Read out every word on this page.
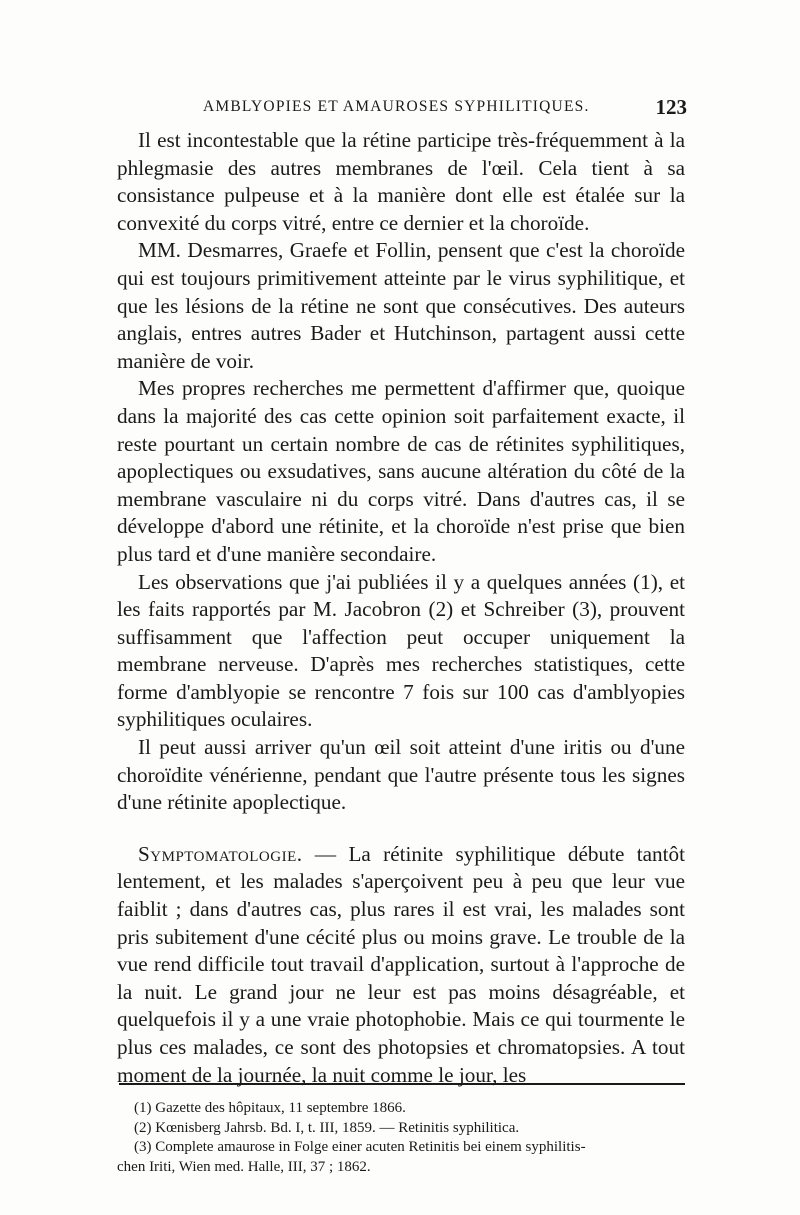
AMBLYOPIES ET AMAUROSES SYPHILITIQUES.	123

Il est incontestable que la rétine participe très-fréquemment à la phlegmasie des autres membranes de l'œil. Cela tient à sa consistance pulpeuse et à la manière dont elle est étalée sur la convexité du corps vitré, entre ce dernier et la choroïde.

MM. Desmarres, Graefe et Follin, pensent que c'est la choroïde qui est toujours primitivement atteinte par le virus syphilitique, et que les lésions de la rétine ne sont que consécutives. Des auteurs anglais, entres autres Bader et Hutchinson, partagent aussi cette manière de voir.

Mes propres recherches me permettent d'affirmer que, quoique dans la majorité des cas cette opinion soit parfaitement exacte, il reste pourtant un certain nombre de cas de rétinites syphilitiques, apoplectiques ou exsudatives, sans aucune altération du côté de la membrane vasculaire ni du corps vitré. Dans d'autres cas, il se développe d'abord une rétinite, et la choroïde n'est prise que bien plus tard et d'une manière secondaire.

Les observations que j'ai publiées il y a quelques années (1), et les faits rapportés par M. Jacobron (2) et Schreiber (3), prouvent suffisamment que l'affection peut occuper uniquement la membrane nerveuse. D'après mes recherches statistiques, cette forme d'amblyopie se rencontre 7 fois sur 100 cas d'amblyopies syphilitiques oculaires.

Il peut aussi arriver qu'un œil soit atteint d'une iritis ou d'une choroïdite vénérienne, pendant que l'autre présente tous les signes d'une rétinite apoplectique.

Symptomatologie. — La rétinite syphilitique débute tantôt lentement, et les malades s'aperçoivent peu à peu que leur vue faiblit ; dans d'autres cas, plus rares il est vrai, les malades sont pris subitement d'une cécité plus ou moins grave. Le trouble de la vue rend difficile tout travail d'application, surtout à l'approche de la nuit. Le grand jour ne leur est pas moins désagréable, et quelquefois il y a une vraie photophobie. Mais ce qui tourmente le plus ces malades, ce sont des photopsies et chromatopsies. A tout moment de la journée, la nuit comme le jour, les

(1) Gazette des hôpitaux, 11 septembre 1866.
(2) Kœnisberg Jahrsb. Bd. I, t. III, 1859. — Retinitis syphilitica.
(3) Complete amaurose in Folge einer acuten Retinitis bei einem syphilitis-
chen Iriti, Wien med. Halle, III, 37 ; 1862.
